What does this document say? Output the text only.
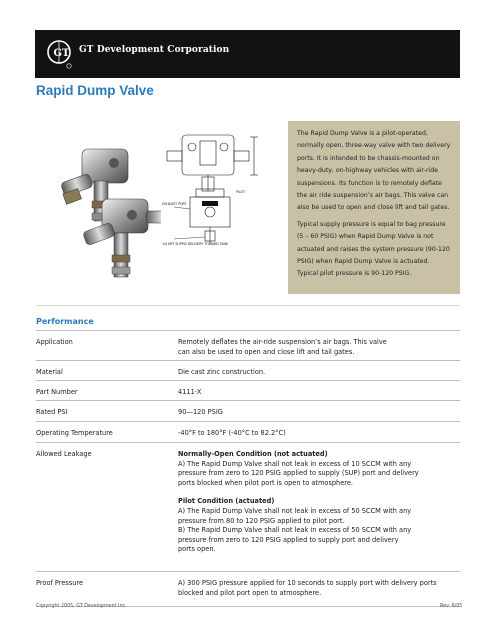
GT GT Development Corporation
Rapid Dump Valve
EXHAUST PORT
1/4 NPT SUPPLY DELIVERY TOWARD TANK
PILOT

The Rapid Dump Valve is a pilot-operated, normally open, three-way valve with two delivery ports. It is intended to be chassis-mounted on heavy-duty, on-highway vehicles with air-ride suspensions. Its function is to remotely deflate the air ride suspension’s air bags. This valve can also be used to open and close lift and tail gates.

Typical supply pressure is equal to bag pressure (5 – 60 PSIG) when Rapid Dump Valve is not actuated and raises the system pressure (90-120 PSIG) when Rapid Dump Valve is actuated. Typical pilot pressure is 90-120 PSIG.

Performance
Application	Remotely deflates the air-ride suspension’s air bags. This valve can also be used to open and close lift and tail gates.
Material	Die cast zinc construction.
Part Number	4111-X
Rated PSI	90—120 PSIG
Operating Temperature	-40°F to 180°F (-40°C to 82.2°C)
Allowed Leakage	Normally-Open Condition (not actuated)
A) The Rapid Dump Valve shall not leak in excess of 10 SCCM with any
pressure from zero to 120 PSIG applied to supply (SUP) port and delivery
ports blocked when pilot port is open to atmosphere.
Pilot Condition (actuated)
A) The Rapid Dump Valve shall not leak in excess of 50 SCCM with any
pressure from 80 to 120 PSIG applied to pilot port.
B) The Rapid Dump Valve shall not leak in excess of 50 SCCM with any
pressure from zero to 120 PSIG applied to supply port and delivery
ports open.
Proof Pressure	A) 300 PSIG pressure applied for 10 seconds to supply port with delivery ports blocked and pilot port open to atmosphere.
Copyright 2005, GT Development Inc.	Rev. 6/05
